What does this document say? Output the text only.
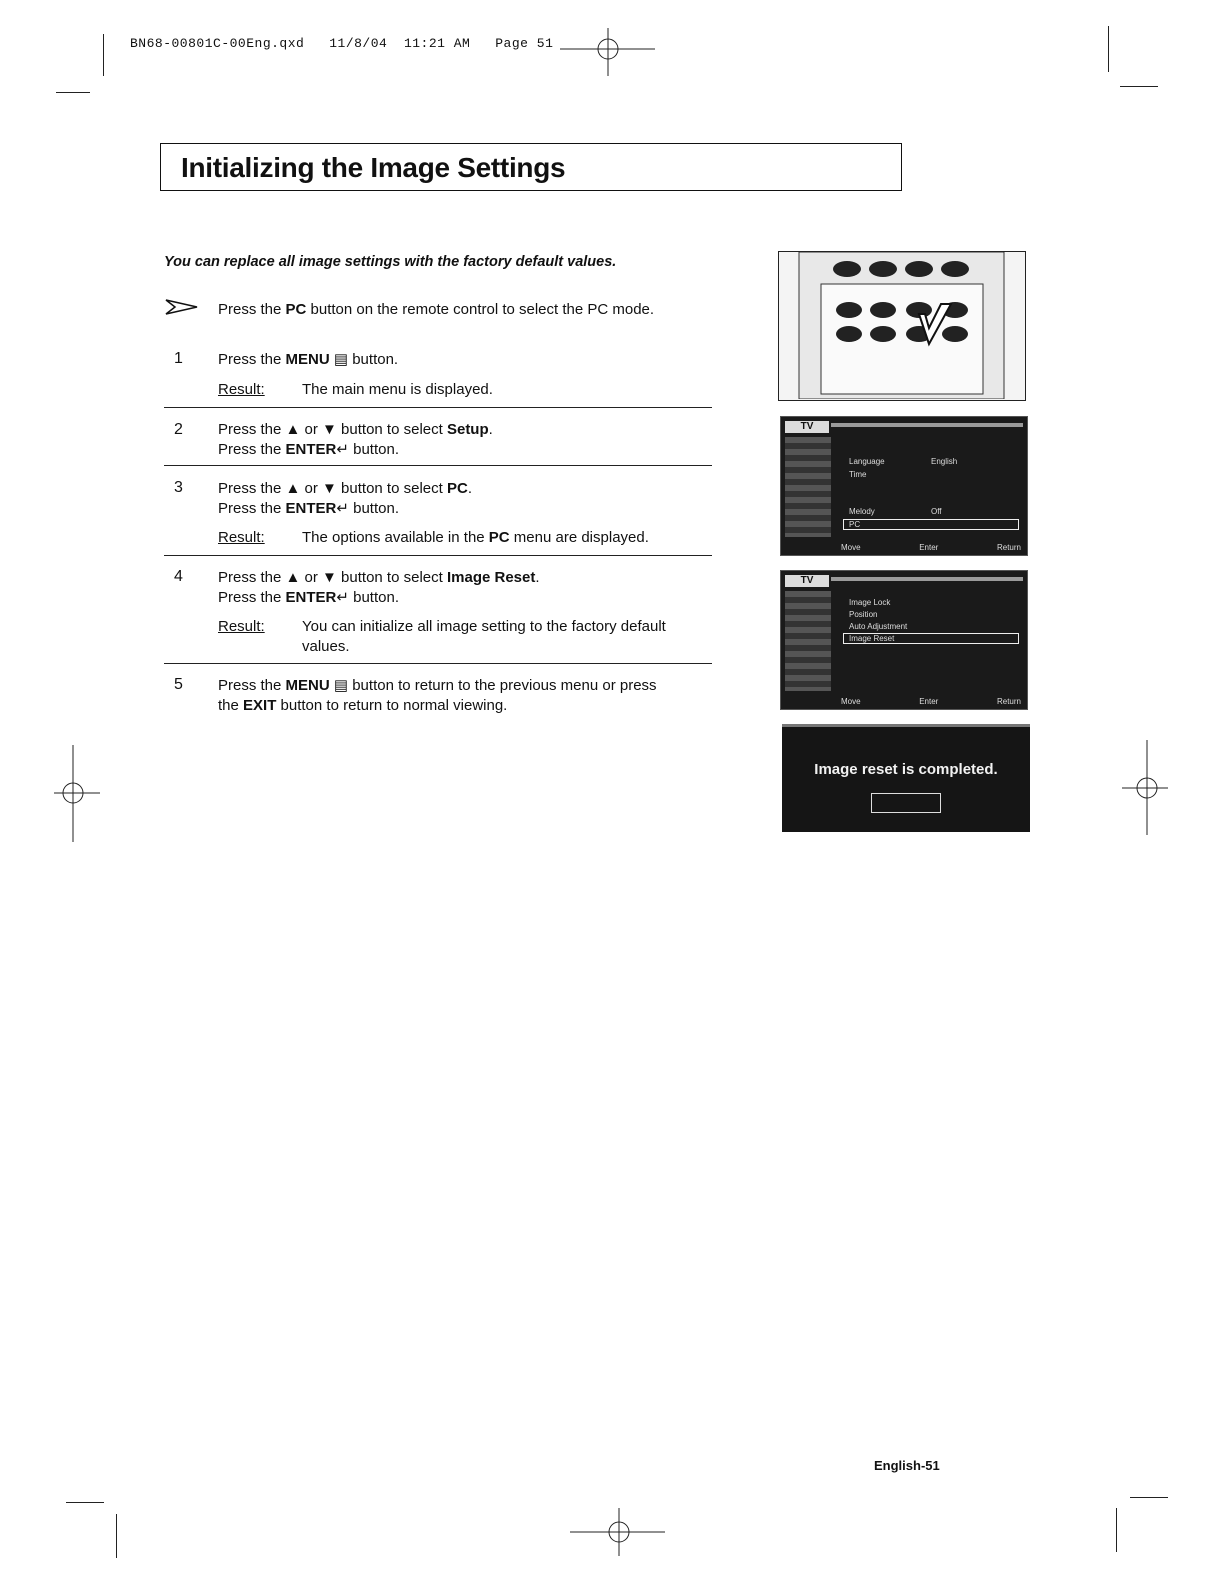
BN68-00801C-00Eng.qxd   11/8/04  11:21 AM   Page 51
Initializing the Image Settings
You can replace all image settings with the factory default values.
Press the PC button on the remote control to select the PC mode.
1 Press the MENU ▤ button.
Result: The main menu is displayed.
2 Press the ▲ or ▼ button to select Setup.
Press the ENTER↵ button.
3 Press the ▲ or ▼ button to select PC.
Press the ENTER↵ button.
Result: The options available in the PC menu are displayed.
4 Press the ▲ or ▼ button to select Image Reset.
Press the ENTER↵ button.
Result: You can initialize all image setting to the factory default
values.
5 Press the MENU ▤ button to return to the previous menu or press
the EXIT button to return to normal viewing.
TV
Language	English
Time
Melody	Off
PC
Move	Enter	Return
TV
Image Lock
Position
Auto Adjustment
Image Reset
Move	Enter	Return
Image reset is completed.
English-51
